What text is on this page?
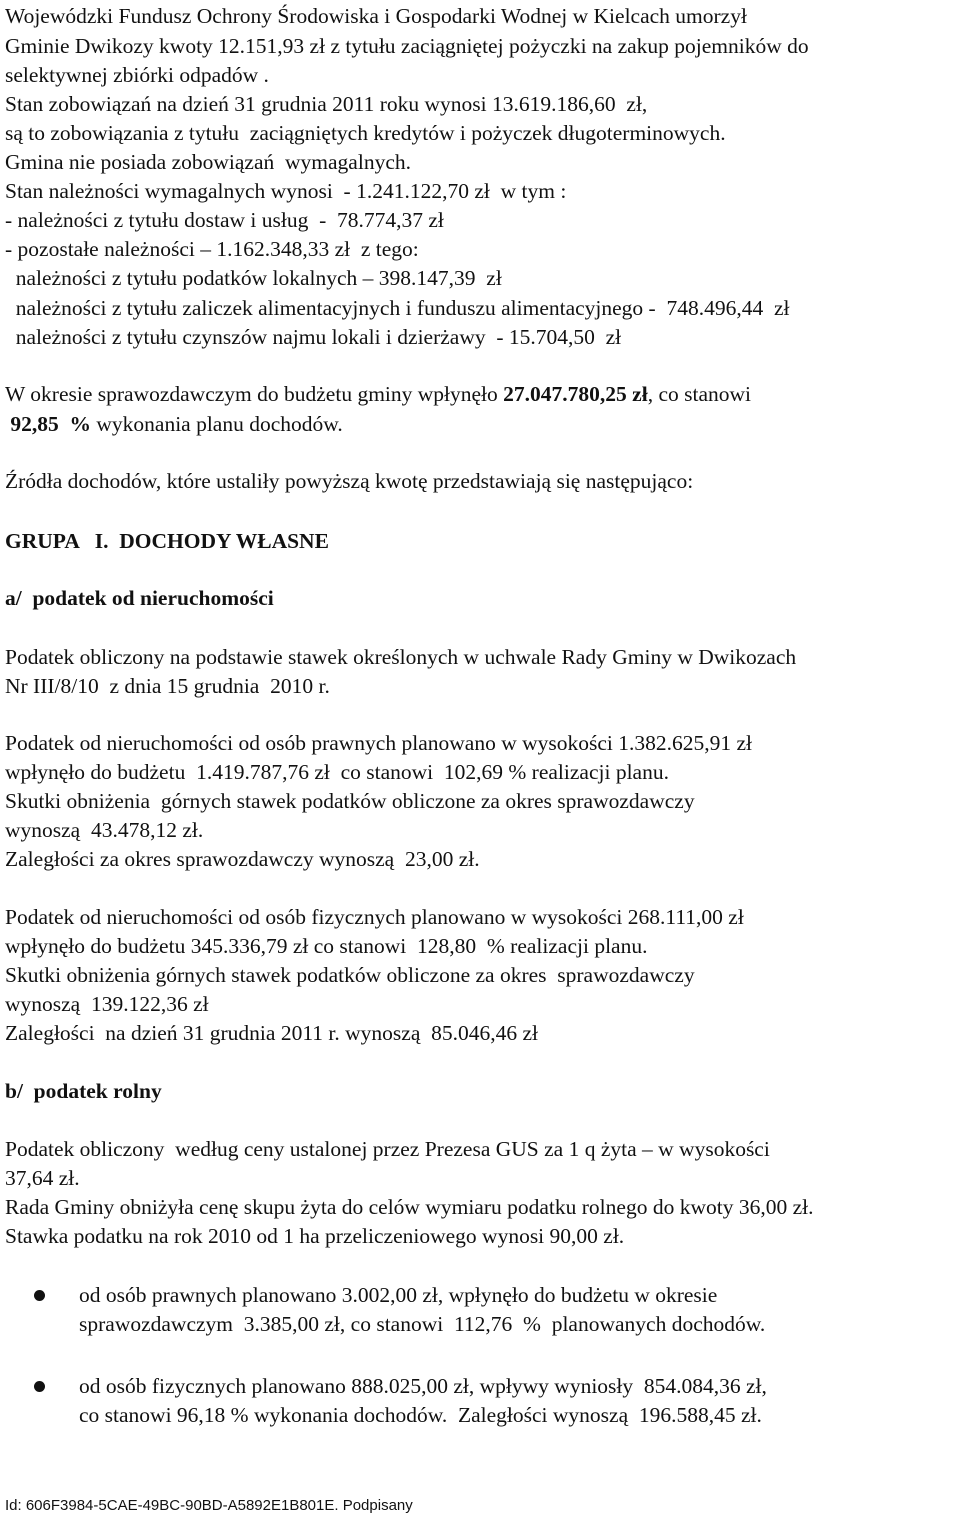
Wojewódzki Fundusz Ochrony Środowiska i Gospodarki Wodnej w Kielcach umorzył
Gminie Dwikozy kwoty 12.151,93 zł z tytułu zaciągniętej pożyczki na zakup pojemników do
selektywnej zbiórki odpadów .
Stan zobowiązań na dzień 31 grudnia 2011 roku wynosi 13.619.186,60  zł,
są to zobowiązania z tytułu  zaciągniętych kredytów i pożyczek długoterminowych.
Gmina nie posiada zobowiązań  wymagalnych.
Stan należności wymagalnych wynosi  - 1.241.122,70 zł  w tym :
- należności z tytułu dostaw i usług  -  78.774,37 zł
- pozostałe należności – 1.162.348,33 zł  z tego:
należności z tytułu podatków lokalnych – 398.147,39  zł
należności z tytułu zaliczek alimentacyjnych i funduszu alimentacyjnego -  748.496,44  zł
należności z tytułu czynszów najmu lokali i dzierżawy  - 15.704,50  zł
W okresie sprawozdawczym do budżetu gminy wpłynęło 27.047.780,25 zł, co stanowi
92,85  % wykonania planu dochodów.
Źródła dochodów, które ustaliły powyższą kwotę przedstawiają się następująco:
GRUPA   I.  DOCHODY WŁASNE
a/  podatek od nieruchomości
Podatek obliczony na podstawie stawek określonych w uchwale Rady Gminy w Dwikozach
Nr III/8/10  z dnia 15 grudnia  2010 r.
Podatek od nieruchomości od osób prawnych planowano w wysokości 1.382.625,91 zł
wpłynęło do budżetu  1.419.787,76 zł  co stanowi  102,69 % realizacji planu.
Skutki obniżenia  górnych stawek podatków obliczone za okres sprawozdawczy
wynoszą  43.478,12 zł.
Zaległości za okres sprawozdawczy wynoszą  23,00 zł.
Podatek od nieruchomości od osób fizycznych planowano w wysokości 268.111,00 zł
wpłynęło do budżetu 345.336,79 zł co stanowi  128,80  % realizacji planu.
Skutki obniżenia górnych stawek podatków obliczone za okres  sprawozdawczy
wynoszą  139.122,36 zł
Zaległości  na dzień 31 grudnia 2011 r. wynoszą  85.046,46 zł
b/  podatek rolny
Podatek obliczony  według ceny ustalonej przez Prezesa GUS za 1 q żyta – w wysokości
37,64 zł.
Rada Gminy obniżyła cenę skupu żyta do celów wymiaru podatku rolnego do kwoty 36,00 zł.
Stawka podatku na rok 2010 od 1 ha przeliczeniowego wynosi 90,00 zł.
od osób prawnych planowano 3.002,00 zł, wpłynęło do budżetu w okresie
sprawozdawczym  3.385,00 zł, co stanowi  112,76  %  planowanych dochodów.
od osób fizycznych planowano 888.025,00 zł, wpływy wyniosły  854.084,36 zł,
co stanowi 96,18 % wykonania dochodów.  Zaległości wynoszą  196.588,45 zł.
Id: 606F3984-5CAE-49BC-90BD-A5892E1B801E. Podpisany
